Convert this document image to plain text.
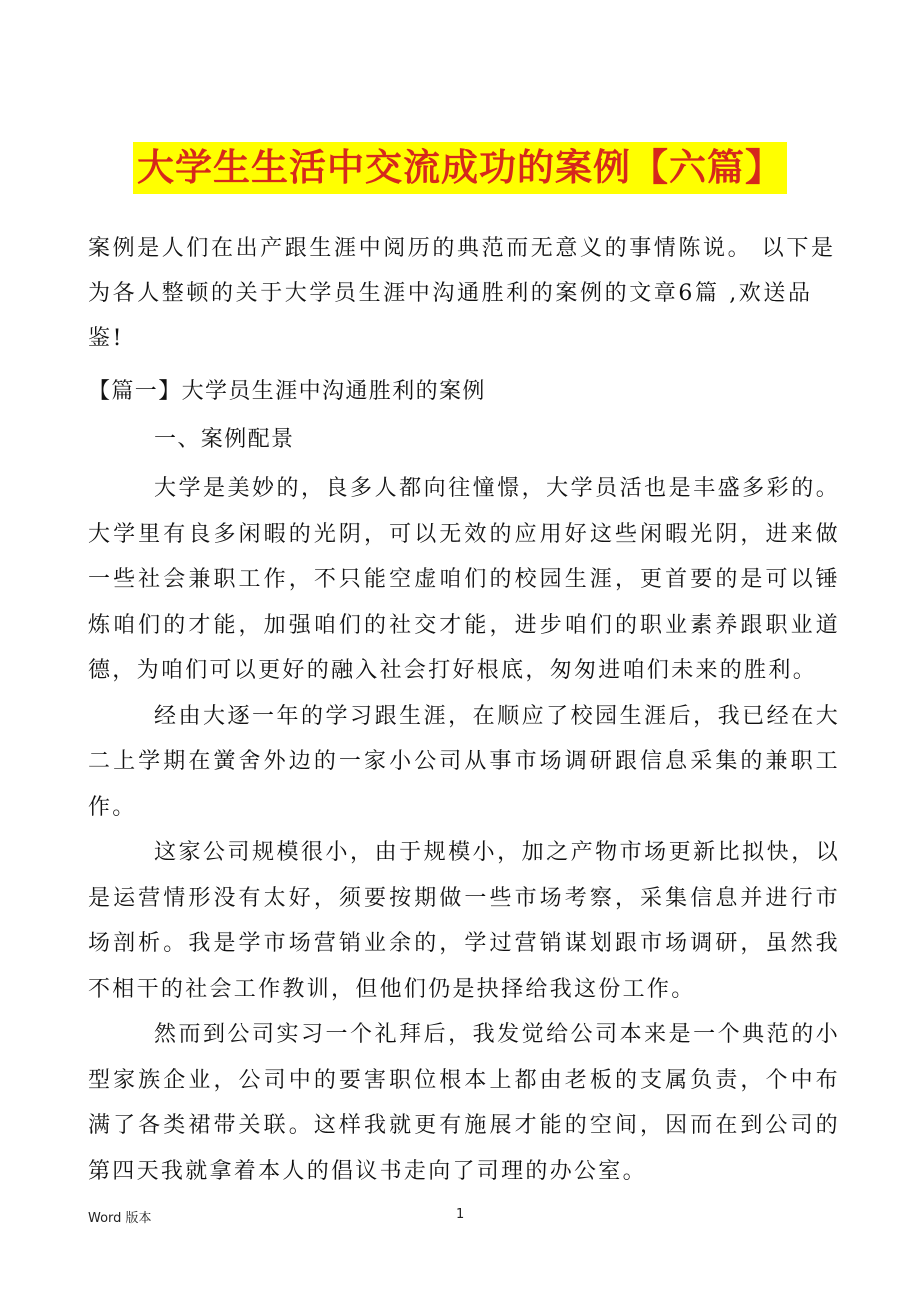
大学生生活中交流成功的案例【六篇】

案例是人们在出产跟生涯中阅历的典范而无意义的事情陈说。 以下是为各人整顿的关于大学员生涯中沟通胜利的案例的文章6篇 ,欢送品鉴!

【篇一】大学员生涯中沟通胜利的案例

一、案例配景

大学是美妙的，良多人都向往憧憬，大学员活也是丰盛多彩的。大学里有良多闲暇的光阴，可以无效的应用好这些闲暇光阴，进来做一些社会兼职工作，不只能空虚咱们的校园生涯，更首要的是可以锤炼咱们的才能，加强咱们的社交才能，进步咱们的职业素养跟职业道德，为咱们可以更好的融入社会打好根底，匆匆进咱们未来的胜利。

经由大逐一年的学习跟生涯，在顺应了校园生涯后，我已经在大二上学期在黉舍外边的一家小公司从事市场调研跟信息采集的兼职工作。

这家公司规模很小，由于规模小，加之产物市场更新比拟快，以是运营情形没有太好，须要按期做一些市场考察，采集信息并进行市场剖析。我是学市场营销业余的，学过营销谋划跟市场调研，虽然我不相干的社会工作教训，但他们仍是抉择给我这份工作。

然而到公司实习一个礼拜后，我发觉给公司本来是一个典范的小型家族企业，公司中的要害职位根本上都由老板的支属负责，个中布满了各类裙带关联。这样我就更有施展才能的空间，因而在到公司的第四天我就拿着本人的倡议书走向了司理的办公室。

Word 版本	1
